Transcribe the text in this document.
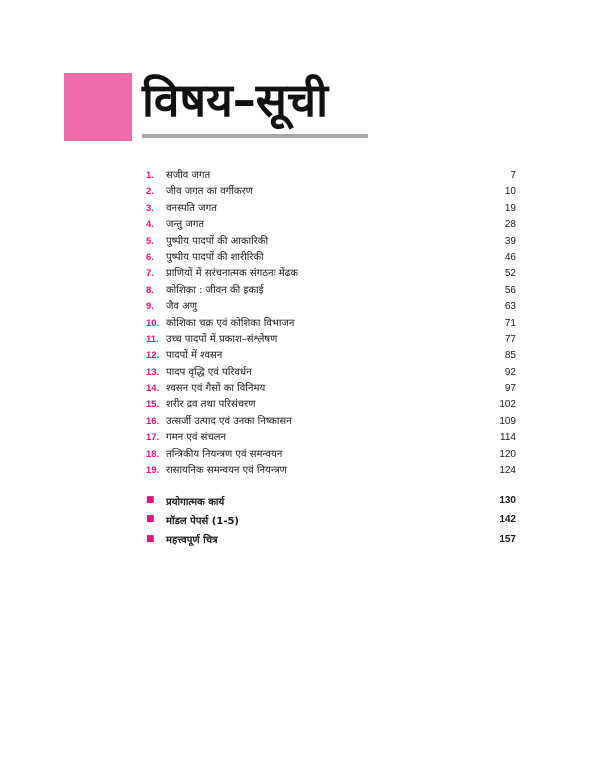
विषय–सूची
1.	सजीव जगत	7
2.	जीव जगत का वर्गीकरण	10
3.	वनस्पति जगत	19
4.	जन्तु जगत	28
5.	पुष्पीय पादपों की आकारिकी	39
6.	पुष्पीय पादपों की शारीरिकी	46
7.	प्राणियों में सरंचनात्मक संगठनः मेंढक	52
8.	कोशिका : जीवन की इकाई	56
9.	जैव अणु	63
10. कोशिका चक्र एवं कोशिका विभाजन	71
11. उच्च पादपों में प्रकाश–संश्लेषण	77
12. पादपों में श्वसन	85
13. पादप वृद्धि एवं परिवर्धन	92
14. श्वसन एवं गैसों का विनिमय	97
15. शरीर द्रव तथा परिसंचरण	102
16. उत्सर्जी उत्पाद एवं उनका निष्कासन	109
17. गमन एवं संचलन	114
18. तन्त्रिकीय नियन्त्रण एवं समन्वयन	120
19. रासायनिक समन्वयन एवं नियन्त्रण	124
■	प्रयोगात्मक कार्य	130
■	मॉडल पेपर्स (1-5)	142
■	महत्त्वपूर्ण चित्र	157
